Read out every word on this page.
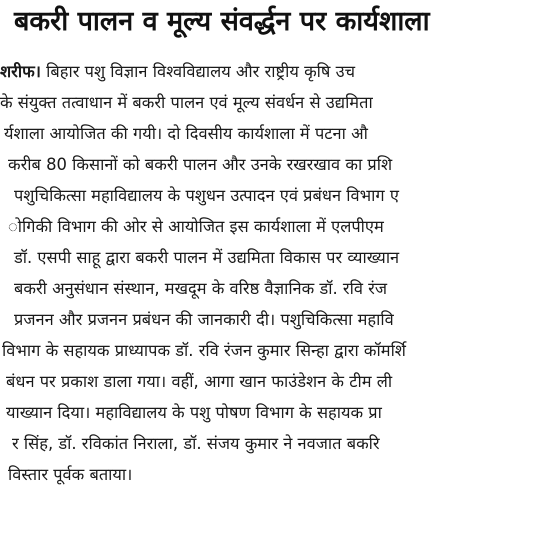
बकरी पालन व मूल्य संवर्द्धन पर कार्यशाला
शरीफ। बिहार पशु विज्ञान विश्वविद्यालय और राष्ट्रीय कृषि उच
के संयुक्त तत्वाधान में बकरी पालन एवं मूल्य संवर्धन से उद्यमिता
र्यशाला आयोजित की गयी। दो दिवसीय कार्यशाला में पटना औ
करीब 80 किसानों को बकरी पालन और उनके रखरखाव का प्रशि
पशुचिकित्सा महाविद्यालय के पशुधन उत्पादन एवं प्रबंधन विभाग ए
ोगिकी विभाग की ओर से आयोजित इस कार्यशाला में एलपीएम
डॉ. एसपी साहू द्वारा बकरी पालन में उद्यमिता विकास पर व्याख्यान
बकरी अनुसंधान संस्थान, मखदूम के वरिष्ठ वैज्ञानिक डॉ. रवि रंज
प्रजनन और प्रजनन प्रबंधन की जानकारी दी। पशुचिकित्सा महावि
विभाग के सहायक प्राध्यापक डॉ. रवि रंजन कुमार सिन्हा द्वारा कॉमर्शि
बंधन पर प्रकाश डाला गया। वहीं, आगा खान फाउंडेशन के टीम ली
याख्यान दिया। महाविद्यालय के पशु पोषण विभाग के सहायक प्रा
र सिंह, डॉ. रविकांत निराला, डॉ. संजय कुमार ने नवजात बकरि
विस्तार पूर्वक बताया।
